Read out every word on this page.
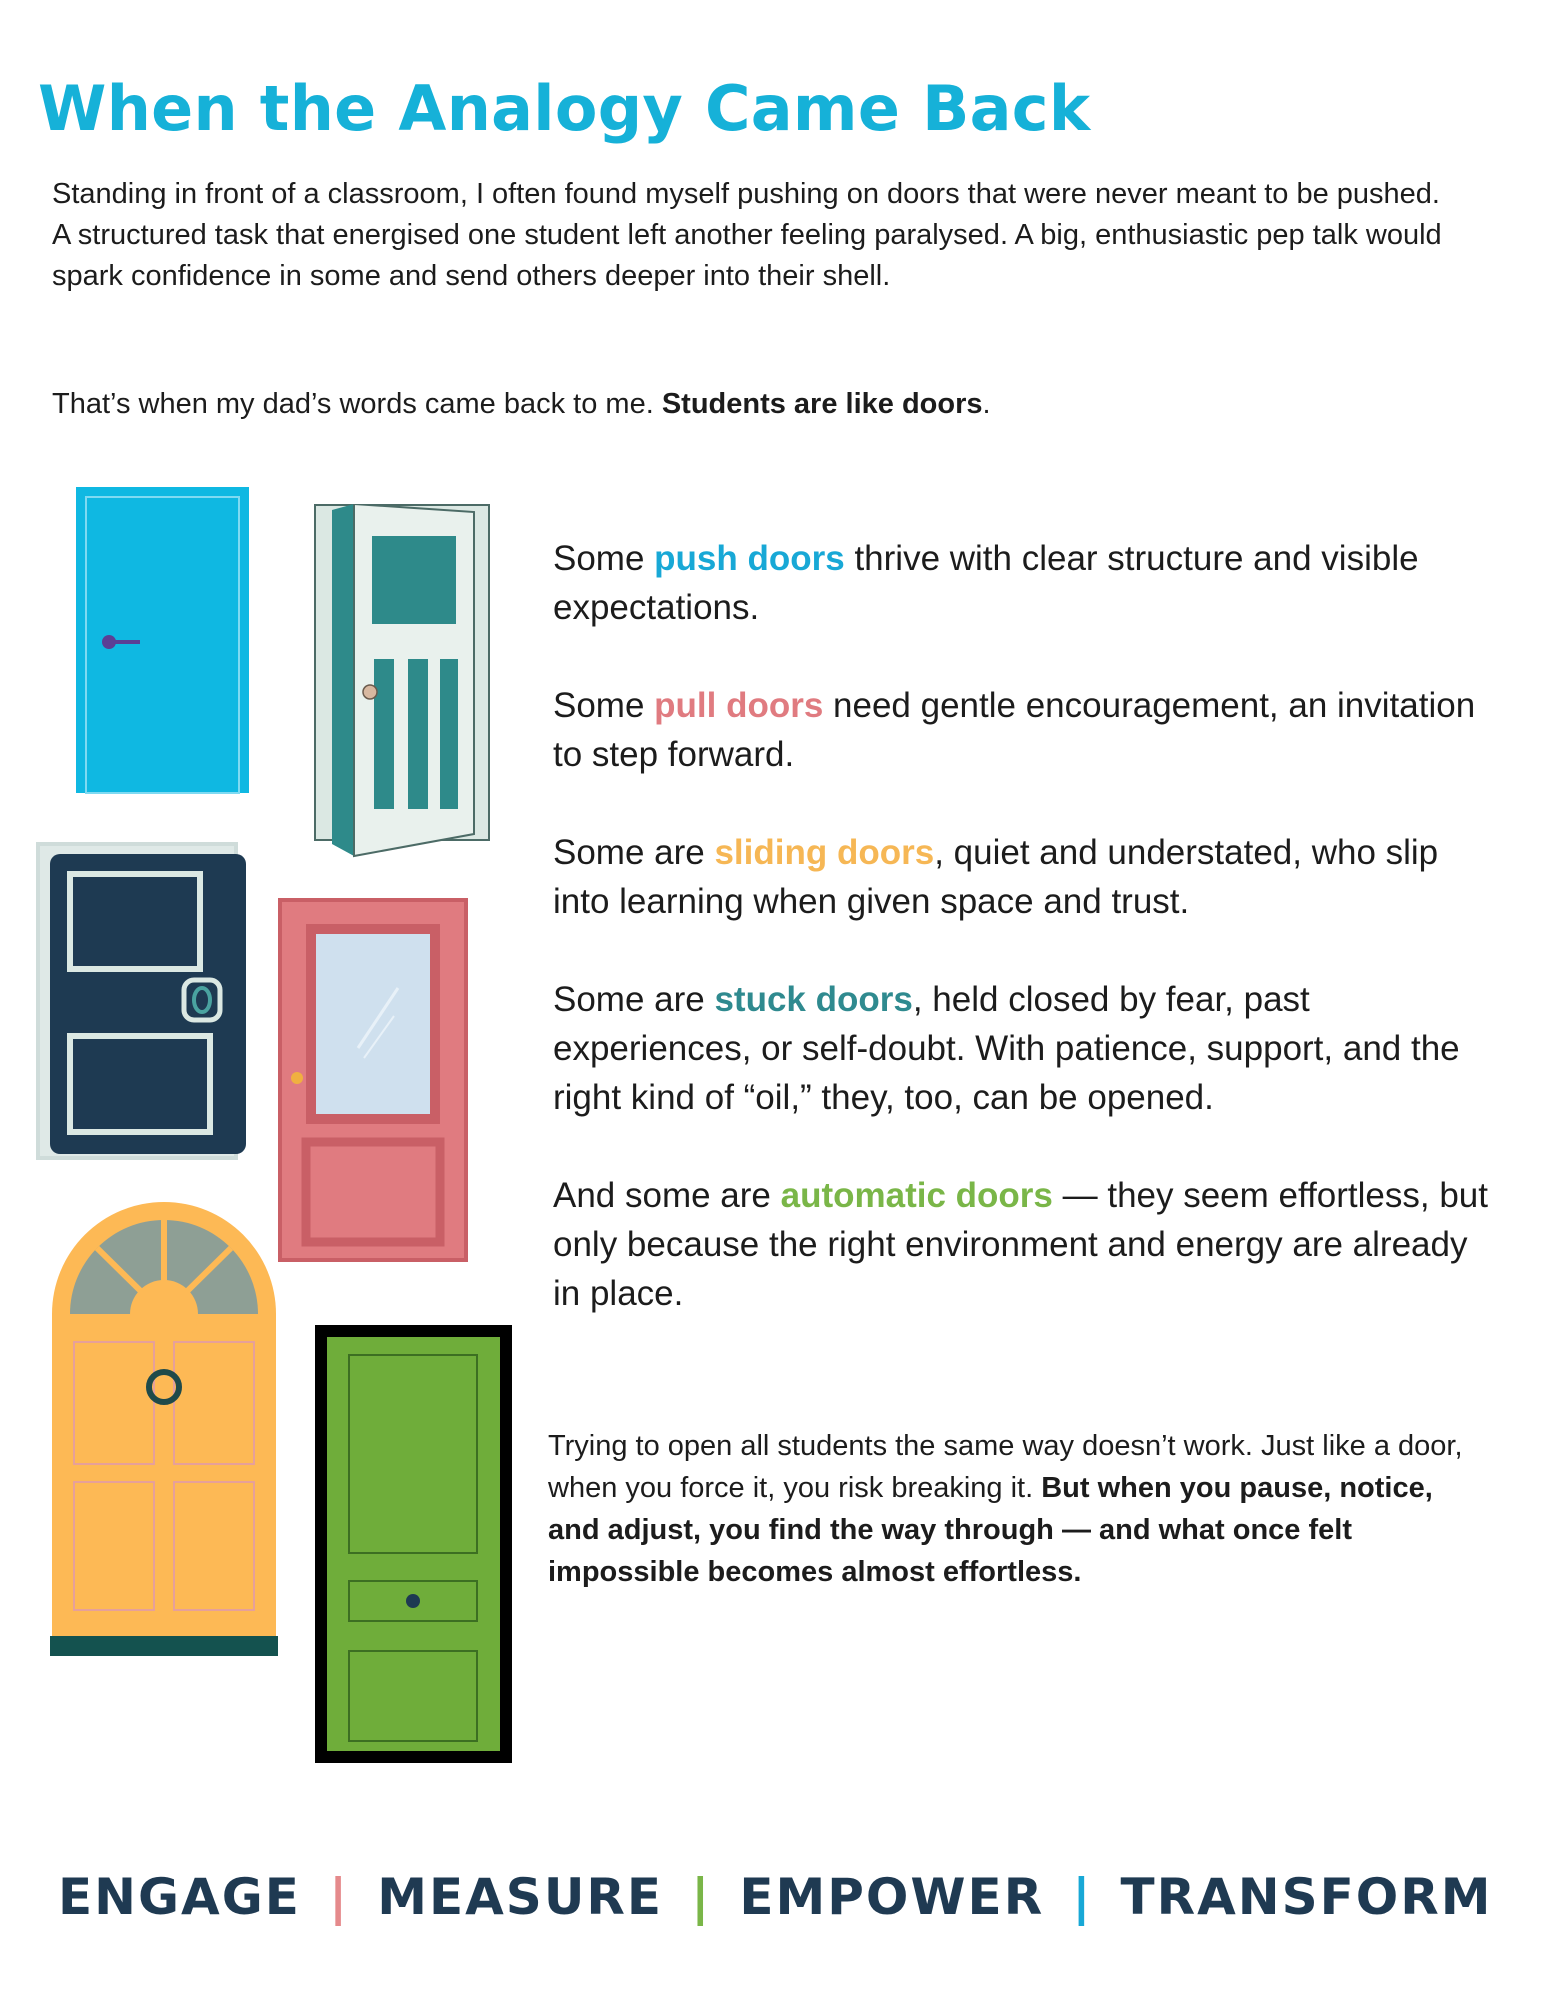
When the Analogy Came Back

Standing in front of a classroom, I often found myself pushing on doors that were never meant to be pushed. A structured task that energised one student left another feeling paralysed. A big, enthusiastic pep talk would spark confidence in some and send others deeper into their shell.

That’s when my dad’s words came back to me. Students are like doors.

Some push doors thrive with clear structure and visible expectations.

Some pull doors need gentle encouragement, an invitation to step forward.

Some are sliding doors, quiet and understated, who slip into learning when given space and trust.

Some are stuck doors, held closed by fear, past experiences, or self-doubt. With patience, support, and the right kind of “oil,” they, too, can be opened.

And some are automatic doors — they seem effortless, but only because the right environment and energy are already in place.

Trying to open all students the same way doesn’t work. Just like a door, when you force it, you risk breaking it. But when you pause, notice, and adjust, you find the way through — and what once felt impossible becomes almost effortless.

ENGAGE | MEASURE | EMPOWER | TRANSFORM
